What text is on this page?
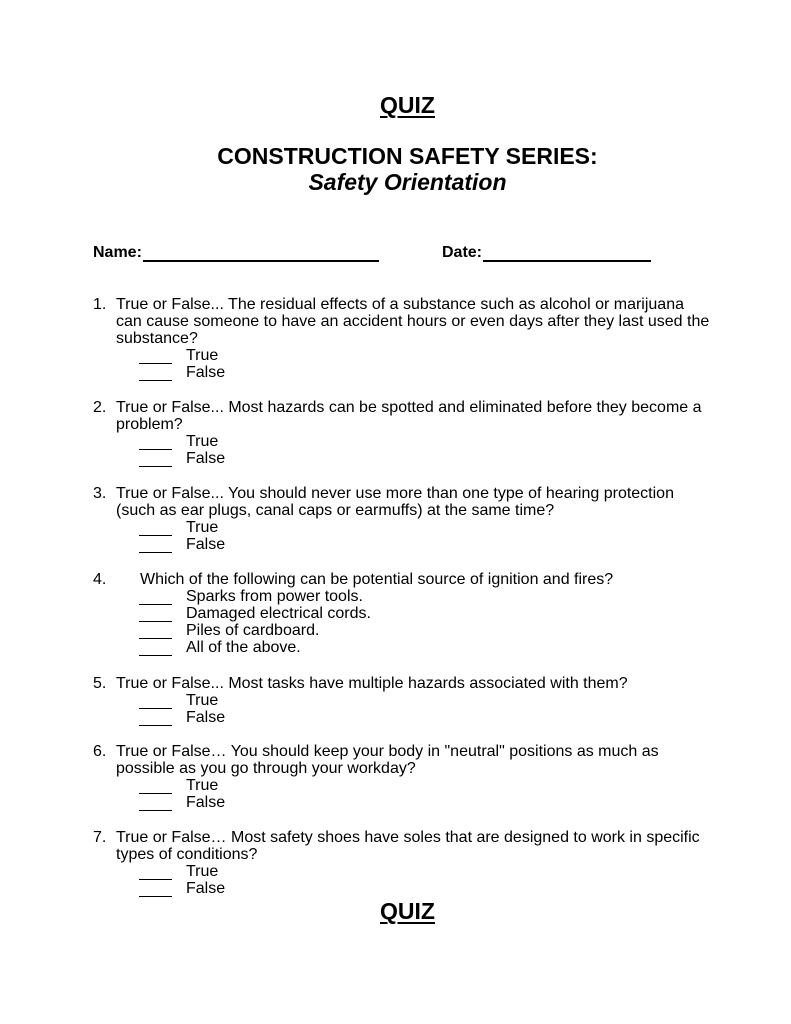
QUIZ
CONSTRUCTION SAFETY SERIES:
Safety Orientation
Name:	Date:
1. True or False... The residual effects of a substance such as alcohol or marijuana can cause someone to have an accident hours or even days after they last used the substance?
True
False
2. True or False... Most hazards can be spotted and eliminated before they become a problem?
True
False
3. True or False... You should never use more than one type of hearing protection (such as ear plugs, canal caps or earmuffs) at the same time?
True
False
4.	Which of the following can be potential source of ignition and fires?
Sparks from power tools.
Damaged electrical cords.
Piles of cardboard.
All of the above.
5. True or False... Most tasks have multiple hazards associated with them?
True
False
6. True or False… You should keep your body in "neutral" positions as much as possible as you go through your workday?
True
False
7. True or False… Most safety shoes have soles that are designed to work in specific types of conditions?
True
False
QUIZ
